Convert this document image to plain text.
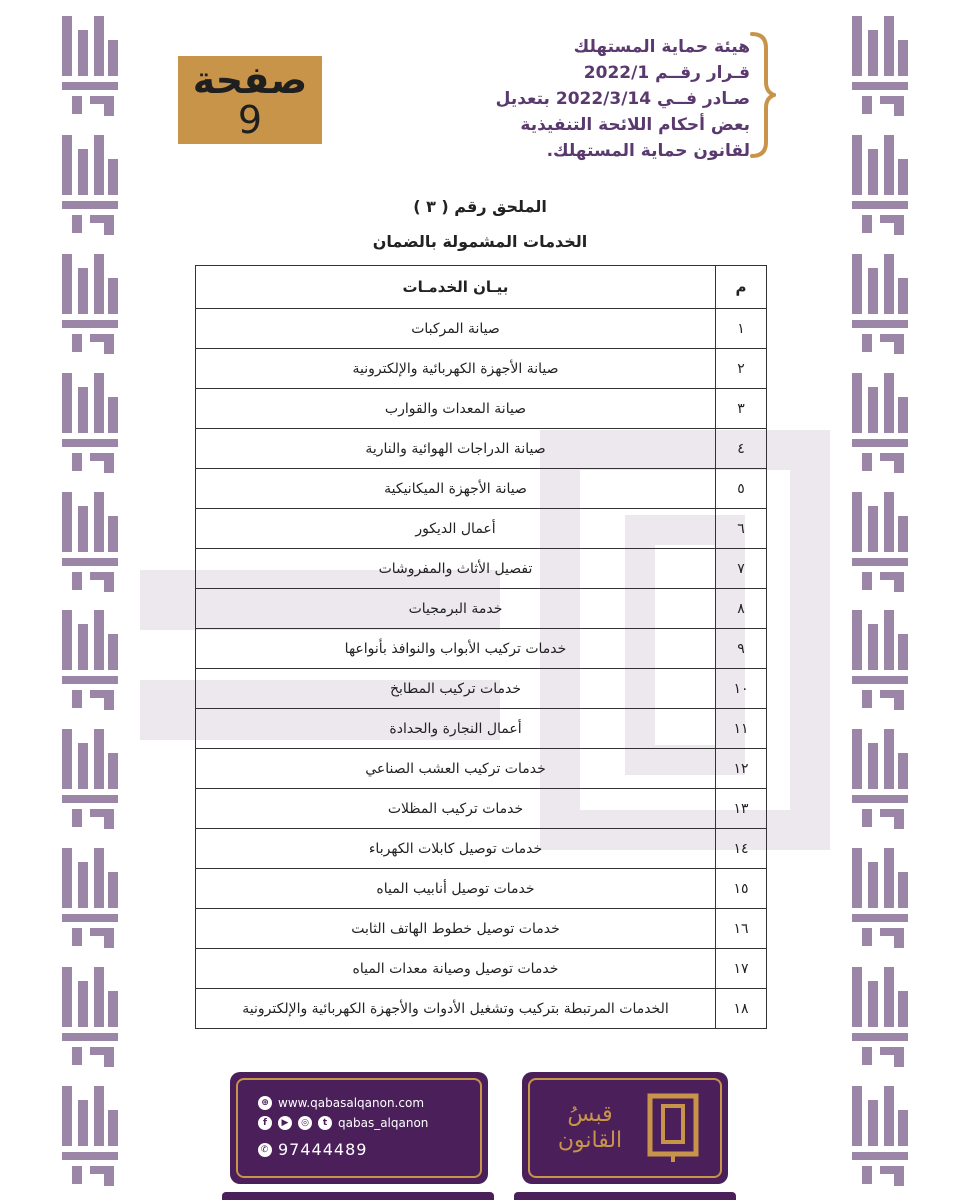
صفحة
9
هيئة حماية المستهلك
قـرار رقــم 2022/1
صـادر فــي 2022/3/14 بتعديل
بعض أحكام اللائحة التنفيذية
لقانون حماية المستهلك.
الملحق رقم ( ٣ )
الخدمات المشمولة بالضمان
م	بيـان الخدمـات
١	صيانة المركبات
٢	صيانة الأجهزة الكهربائية والإلكترونية
٣	صيانة المعدات والقوارب
٤	صيانة الدراجات الهوائية والنارية
٥	صيانة الأجهزة الميكانيكية
٦	أعمال الديكور
٧	تفصيل الأثاث والمفروشات
٨	خدمة البرمجيات
٩	خدمات تركيب الأبواب والنوافذ بأنواعها
١٠	خدمات تركيب المطابخ
١١	أعمال النجارة والحدادة
١٢	خدمات تركيب العشب الصناعي
١٣	خدمات تركيب المظلات
١٤	خدمات توصيل كابلات الكهرباء
١٥	خدمات توصيل أنابيب المياه
١٦	خدمات توصيل خطوط الهاتف الثابت
١٧	خدمات توصيل وصيانة معدات المياه
١٨	الخدمات المرتبطة بتركيب وتشغيل الأدوات والأجهزة الكهربائية والإلكترونية
⊕ www.qabasalqanon.com
f	▶	◎	t qabas_alqanon
✆ 97444489
قبسُ
القانون
